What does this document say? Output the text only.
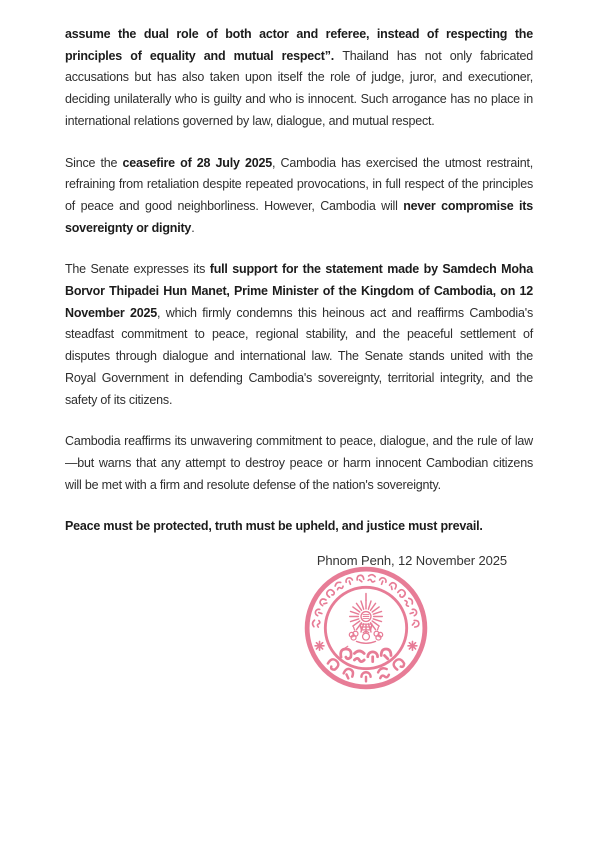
assume the dual role of both actor and referee, instead of respecting the principles of equality and mutual respect”. Thailand has not only fabricated accusations but has also taken upon itself the role of judge, juror, and executioner, deciding unilaterally who is guilty and who is innocent. Such arrogance has no place in international relations governed by law, dialogue, and mutual respect.

Since the ceasefire of 28 July 2025, Cambodia has exercised the utmost restraint, refraining from retaliation despite repeated provocations, in full respect of the principles of peace and good neighborliness. However, Cambodia will never compromise its sovereignty or dignity.

The Senate expresses its full support for the statement made by Samdech Moha Borvor Thipadei Hun Manet, Prime Minister of the Kingdom of Cambodia, on 12 November 2025, which firmly condemns this heinous act and reaffirms Cambodia's steadfast commitment to peace, regional stability, and the peaceful settlement of disputes through dialogue and international law. The Senate stands united with the Royal Government in defending Cambodia's sovereignty, territorial integrity, and the safety of its citizens.

Cambodia reaffirms its unwavering commitment to peace, dialogue, and the rule of law—but warns that any attempt to destroy peace or harm innocent Cambodian citizens will be met with a firm and resolute defense of the nation's sovereignty.

Peace must be protected, truth must be upheld, and justice must prevail.

Phnom Penh, 12 November 2025
